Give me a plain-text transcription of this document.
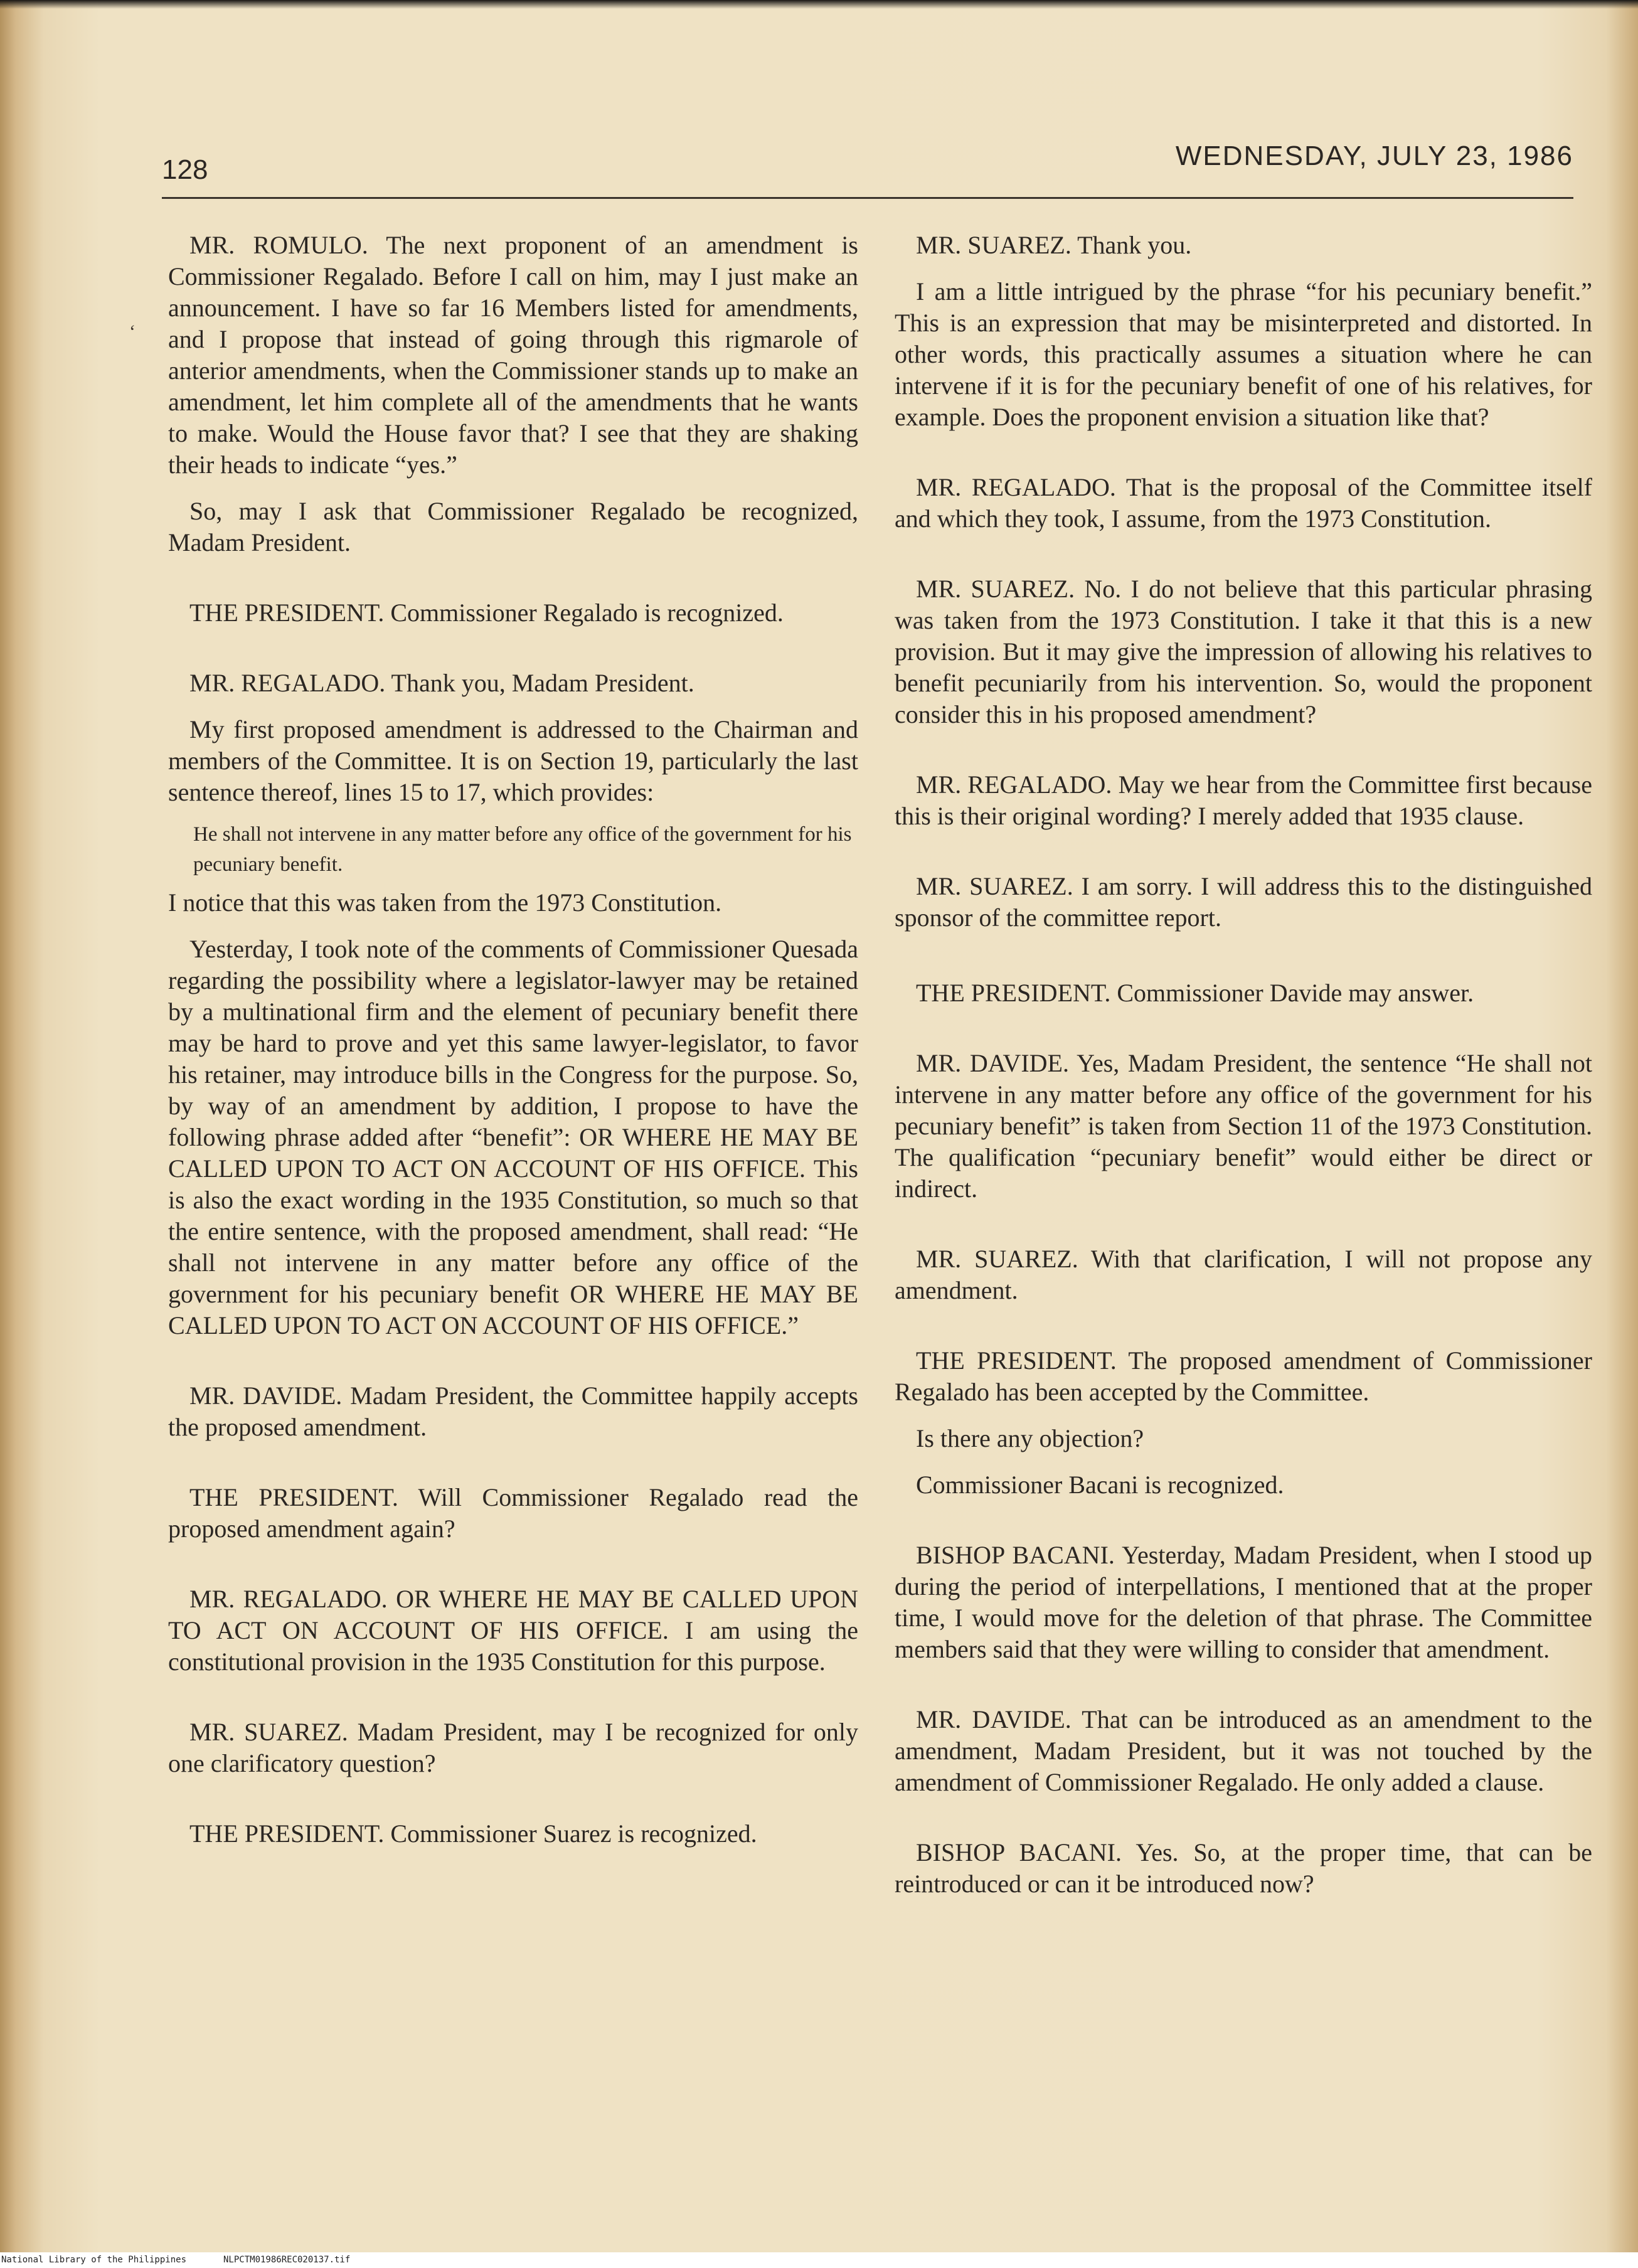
128	WEDNESDAY, JULY 23, 1986
‘

MR. ROMULO. The next proponent of an amendment is Commissioner Regalado. Before I call on him, may I just make an announcement. I have so far 16 Members listed for amendments, and I propose that instead of going through this rigmarole of anterior amendments, when the Commissioner stands up to make an amendment, let him complete all of the amendments that he wants to make. Would the House favor that? I see that they are shaking their heads to indicate “yes.”

So, may I ask that Commissioner Regalado be recognized, Madam President.

THE PRESIDENT. Commissioner Regalado is recognized.

MR. REGALADO. Thank you, Madam President.

My first proposed amendment is addressed to the Chairman and members of the Committee. It is on Section 19, particularly the last sentence thereof, lines 15 to 17, which provides:

He shall not intervene in any matter before any office of the government for his pecuniary benefit.

I notice that this was taken from the 1973 Constitution.

Yesterday, I took note of the comments of Commissioner Quesada regarding the possibility where a legislator-lawyer may be retained by a multinational firm and the element of pecuniary benefit there may be hard to prove and yet this same lawyer-legislator, to favor his retainer, may introduce bills in the Congress for the purpose. So, by way of an amendment by addition, I propose to have the following phrase added after “benefit”: OR WHERE HE MAY BE CALLED UPON TO ACT ON ACCOUNT OF HIS OFFICE. This is also the exact wording in the 1935 Constitution, so much so that the entire sentence, with the proposed amendment, shall read: “He shall not intervene in any matter before any office of the government for his pecuniary benefit OR WHERE HE MAY BE CALLED UPON TO ACT ON ACCOUNT OF HIS OFFICE.”

MR. DAVIDE. Madam President, the Committee happily accepts the proposed amendment.

THE PRESIDENT. Will Commissioner Regalado read the proposed amendment again?

MR. REGALADO. OR WHERE HE MAY BE CALLED UPON TO ACT ON ACCOUNT OF HIS OFFICE. I am using the constitutional provision in the 1935 Constitution for this purpose.

MR. SUAREZ. Madam President, may I be recognized for only one clarificatory question?

THE PRESIDENT. Commissioner Suarez is recognized.

MR. SUAREZ. Thank you.

I am a little intrigued by the phrase “for his pecuniary benefit.” This is an expression that may be misinterpreted and distorted. In other words, this practically assumes a situation where he can intervene if it is for the pecuniary benefit of one of his relatives, for example. Does the proponent envision a situation like that?

MR. REGALADO. That is the proposal of the Committee itself and which they took, I assume, from the 1973 Constitution.

MR. SUAREZ. No. I do not believe that this particular phrasing was taken from the 1973 Constitution. I take it that this is a new provision. But it may give the impression of allowing his relatives to benefit pecuniarily from his intervention. So, would the proponent consider this in his proposed amendment?

MR. REGALADO. May we hear from the Committee first because this is their original wording? I merely added that 1935 clause.

MR. SUAREZ. I am sorry. I will address this to the distinguished sponsor of the committee report.

THE PRESIDENT. Commissioner Davide may answer.

MR. DAVIDE. Yes, Madam President, the sentence “He shall not intervene in any matter before any office of the government for his pecuniary benefit” is taken from Section 11 of the 1973 Constitution. The qualification “pecuniary benefit” would either be direct or indirect.

MR. SUAREZ. With that clarification, I will not propose any amendment.

THE PRESIDENT. The proposed amendment of Commissioner Regalado has been accepted by the Committee.

Is there any objection?

Commissioner Bacani is recognized.

BISHOP BACANI. Yesterday, Madam President, when I stood up during the period of interpellations, I mentioned that at the proper time, I would move for the deletion of that phrase. The Committee members said that they were willing to consider that amendment.

MR. DAVIDE. That can be introduced as an amendment to the amendment, Madam President, but it was not touched by the amendment of Commissioner Regalado. He only added a clause.

BISHOP BACANI. Yes. So, at the proper time, that can be reintroduced or can it be introduced now?

National Library of the Philippines	NLPCTM01986REC020137.tif
